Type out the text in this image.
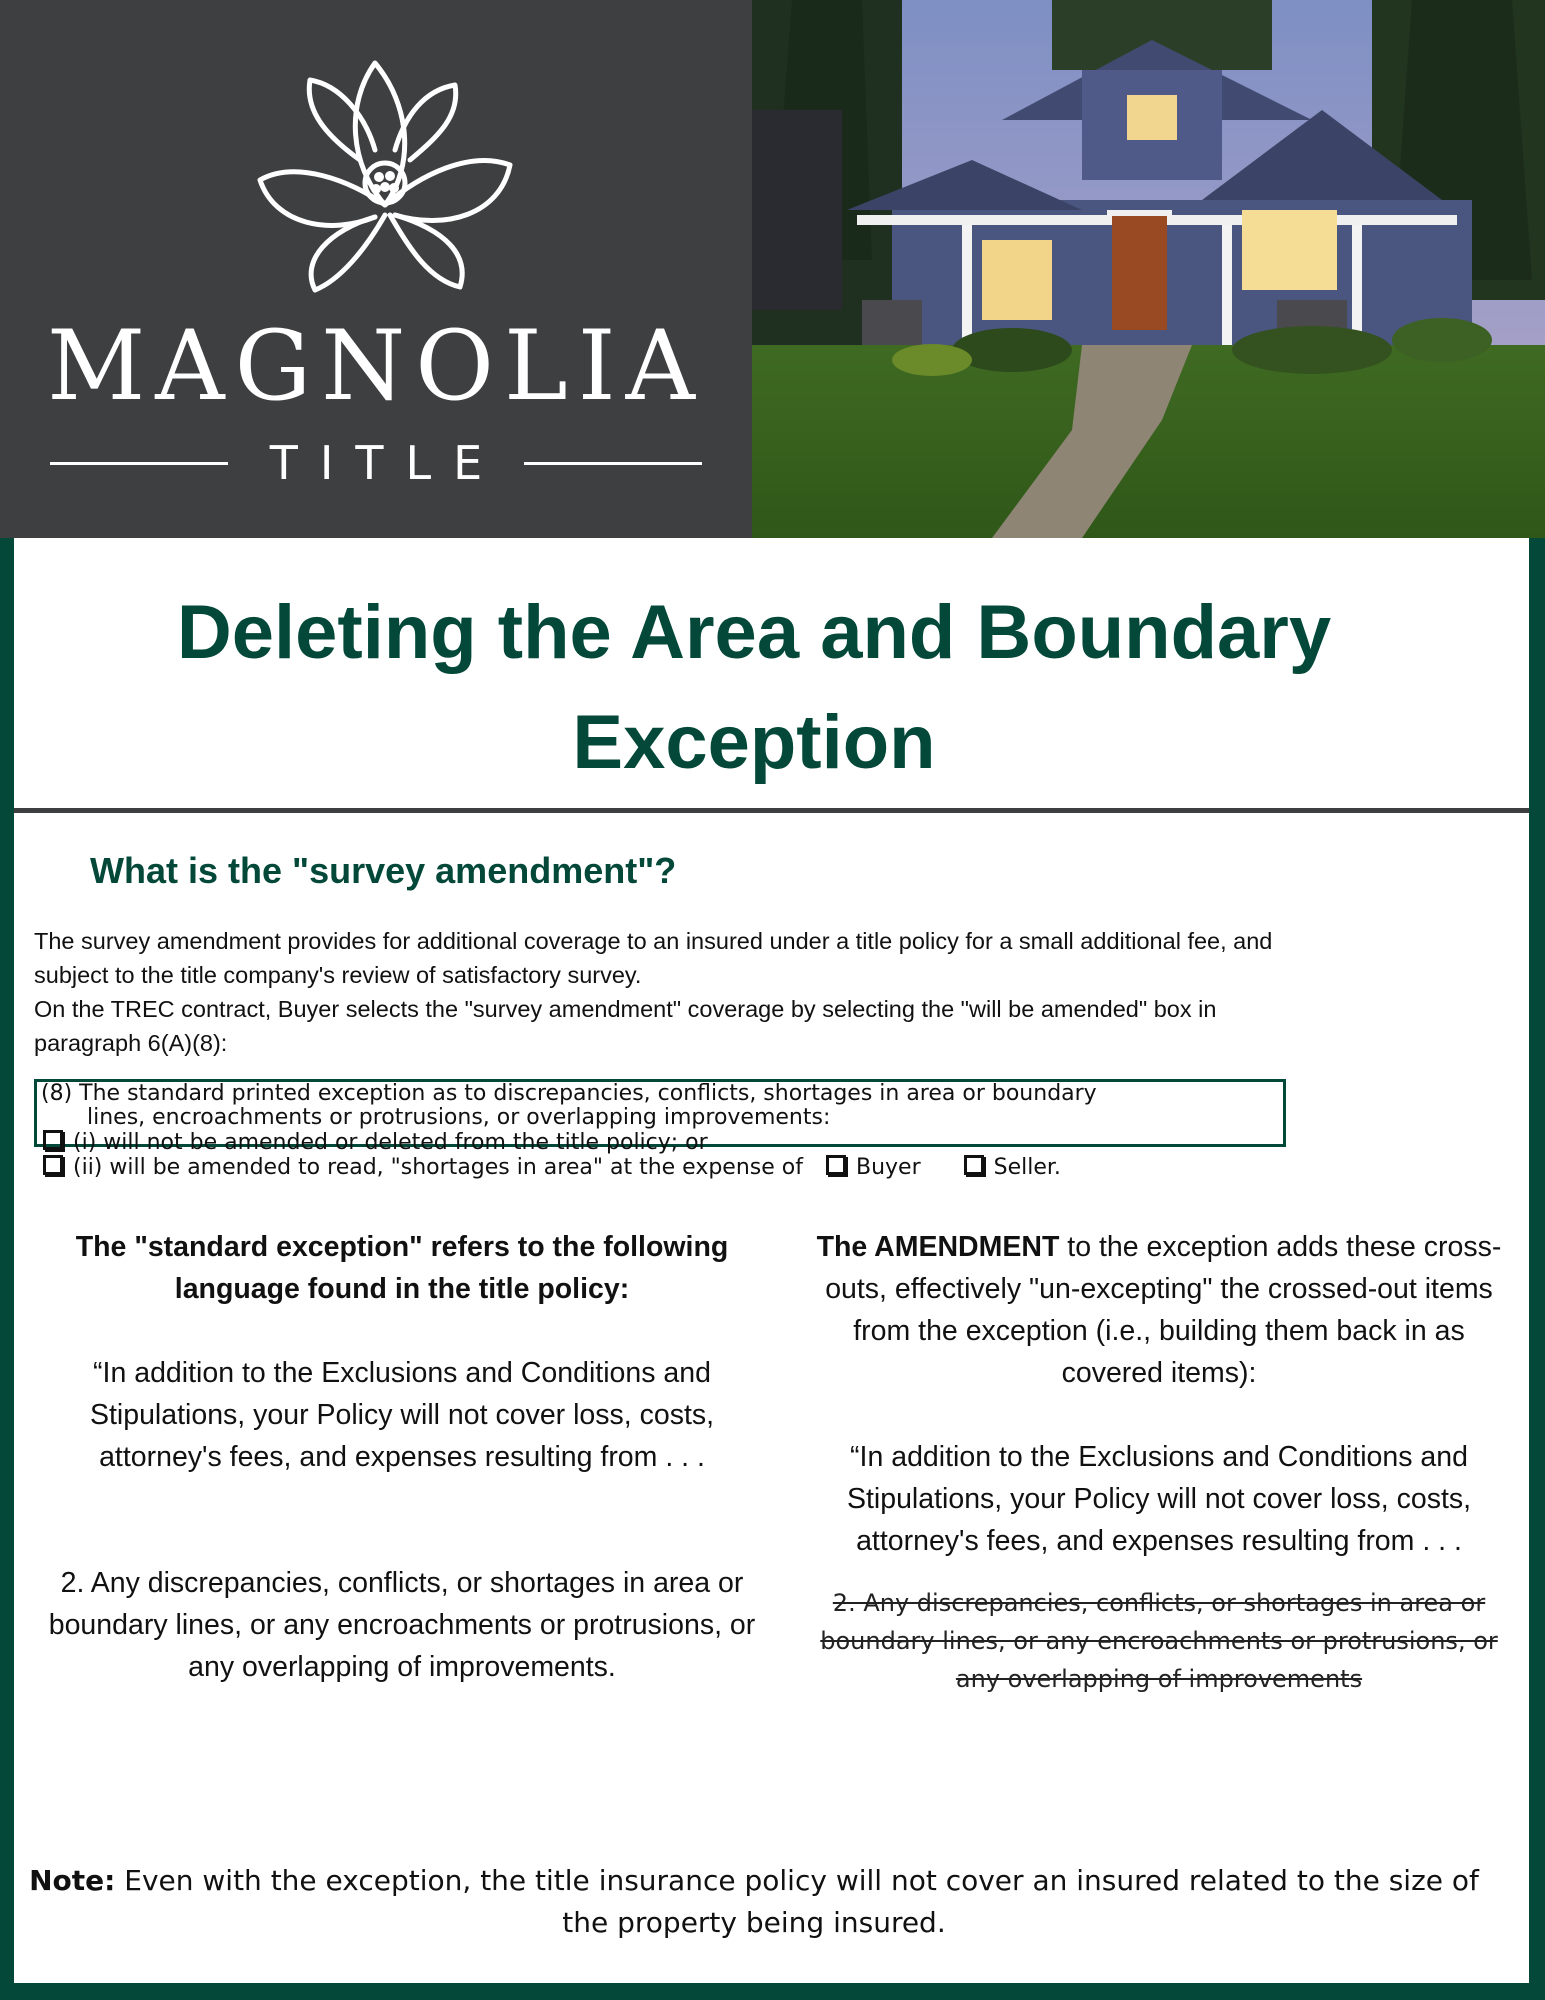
MAGNOLIA
TITLE
Deleting the Area and Boundary
Exception
What is the "survey amendment"?

The survey amendment provides for additional coverage to an insured under a title policy for a small additional fee, and subject to the title company's review of satisfactory survey.

On the TREC contract, Buyer selects the "survey amendment" coverage by selecting the "will be amended" box in paragraph 6(A)(8):

(8) The standard printed exception as to discrepancies, conflicts, shortages in area or boundary
lines, encroachments or protrusions, or overlapping improvements:
(i) will not be amended or deleted from the title policy; or
(ii) will be amended to read, "shortages in area" at the expense of Buyer	Seller.

The "standard exception" refers to the following language found in the title policy:

“In addition to the Exclusions and Conditions and Stipulations, your Policy will not cover loss, costs, attorney's fees, and expenses resulting from . . .

2. Any discrepancies, conflicts, or shortages in area or boundary lines, or any encroachments or protrusions, or any overlapping of improvements.

The AMENDMENT to the exception adds these cross-outs, effectively "un-excepting" the crossed-out items from the exception (i.e., building them back in as covered items):

“In addition to the Exclusions and Conditions and Stipulations, your Policy will not cover loss, costs, attorney's fees, and expenses resulting from . . .

2. Any discrepancies, conflicts, or shortages in area or boundary lines, or any encroachments or protrusions, or any overlapping of improvements

Note: Even with the exception, the title insurance policy will not cover an insured related to the size of the property being insured.
